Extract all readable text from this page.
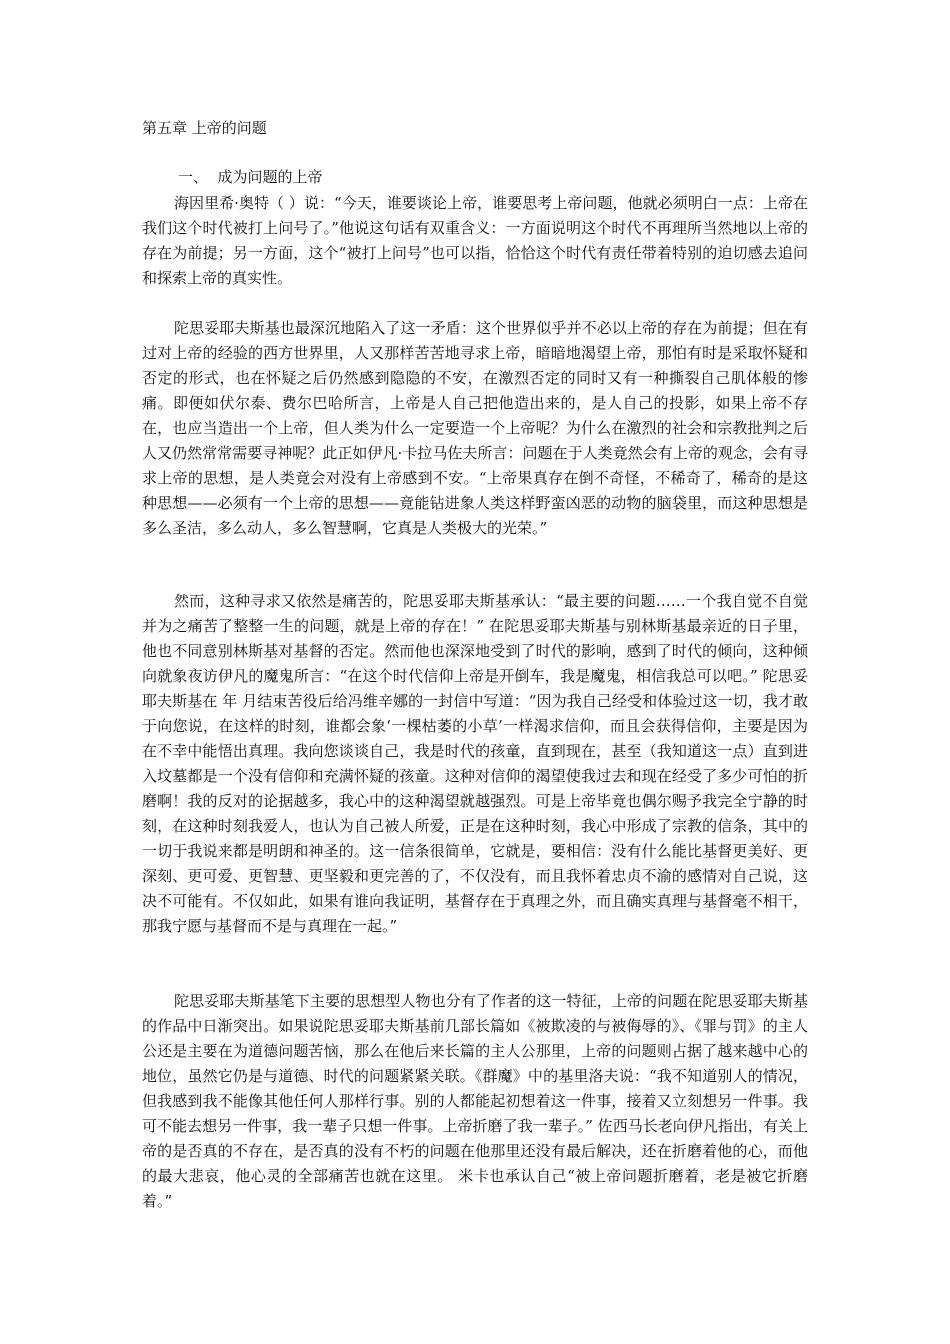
第五章 上帝的问题
一、  成为问题的上帝

海因里希·奥特（ ）说：“今天，谁要谈论上帝，谁要思考上帝问题，他就必须明白一点：上帝在我们这个时代被打上问号了。”他说这句话有双重含义：一方面说明这个时代不再理所当然地以上帝的存在为前提；另一方面，这个“被打上问号”也可以指，恰恰这个时代有责任带着特别的迫切感去追问和探索上帝的真实性。

陀思妥耶夫斯基也最深沉地陷入了这一矛盾：这个世界似乎并不必以上帝的存在为前提；但在有过对上帝的经验的西方世界里，人又那样苦苦地寻求上帝，暗暗地渴望上帝，那怕有时是采取怀疑和否定的形式，也在怀疑之后仍然感到隐隐的不安，在激烈否定的同时又有一种撕裂自己肌体般的惨痛。即便如伏尔泰、费尔巴哈所言，上帝是人自己把他造出来的，是人自己的投影，如果上帝不存在，也应当造出一个上帝，但人类为什么一定要造一个上帝呢？为什么在激烈的社会和宗教批判之后人又仍然常常需要寻神呢？此正如伊凡·卡拉马佐夫所言：问题在于人类竟然会有上帝的观念，会有寻求上帝的思想，是人类竟会对没有上帝感到不安。“上帝果真存在倒不奇怪，不稀奇了，稀奇的是这种思想——必须有一个上帝的思想——竟能钻进象人类这样野蛮凶恶的动物的脑袋里，而这种思想是多么圣洁，多么动人，多么智慧啊，它真是人类极大的光荣。”

然而，这种寻求又依然是痛苦的，陀思妥耶夫斯基承认：“最主要的问题……一个我自觉不自觉并为之痛苦了整整一生的问题，就是上帝的存在！” 在陀思妥耶夫斯基与别林斯基最亲近的日子里，他也不同意别林斯基对基督的否定。然而他也深深地受到了时代的影响，感到了时代的倾向，这种倾向就象夜访伊凡的魔鬼所言：“在这个时代信仰上帝是开倒车，我是魔鬼，相信我总可以吧。” 陀思妥耶夫斯基在 年 月结束苦役后给冯维辛娜的一封信中写道：“因为我自己经受和体验过这一切，我才敢于向您说，在这样的时刻，谁都会象‘一棵枯萎的小草’一样渴求信仰，而且会获得信仰，主要是因为在不幸中能悟出真理。我向您谈谈自己，我是时代的孩童，直到现在，甚至（我知道这一点）直到进入坟墓都是一个没有信仰和充满怀疑的孩童。这种对信仰的渴望使我过去和现在经受了多少可怕的折磨啊！我的反对的论据越多，我心中的这种渴望就越强烈。可是上帝毕竟也偶尔赐予我完全宁静的时刻，在这种时刻我爱人，也认为自己被人所爱，正是在这种时刻，我心中形成了宗教的信条，其中的一切于我说来都是明朗和神圣的。这一信条很简单，它就是，要相信：没有什么能比基督更美好、更深刻、更可爱、更智慧、更坚毅和更完善的了，不仅没有，而且我怀着忠贞不渝的感情对自己说，这决不可能有。不仅如此，如果有谁向我证明，基督存在于真理之外，而且确实真理与基督毫不相干，那我宁愿与基督而不是与真理在一起。”

陀思妥耶夫斯基笔下主要的思想型人物也分有了作者的这一特征，上帝的问题在陀思妥耶夫斯基的作品中日渐突出。如果说陀思妥耶夫斯基前几部长篇如《被欺凌的与被侮辱的》、《罪与罚》的主人公还是主要在为道德问题苦恼，那么在他后来长篇的主人公那里，上帝的问题则占据了越来越中心的地位，虽然它仍是与道德、时代的问题紧紧关联。《群魔》中的基里洛夫说：“我不知道别人的情况，但我感到我不能像其他任何人那样行事。别的人都能起初想着这一件事，接着又立刻想另一件事。我可不能去想另一件事，我一辈子只想一件事。上帝折磨了我一辈子。” 佐西马长老向伊凡指出，有关上帝的是否真的不存在，是否真的没有不朽的问题在他那里还没有最后解决，还在折磨着他的心，而他的最大悲哀，他心灵的全部痛苦也就在这里。 米卡也承认自己“被上帝问题折磨着，老是被它折磨着。”
